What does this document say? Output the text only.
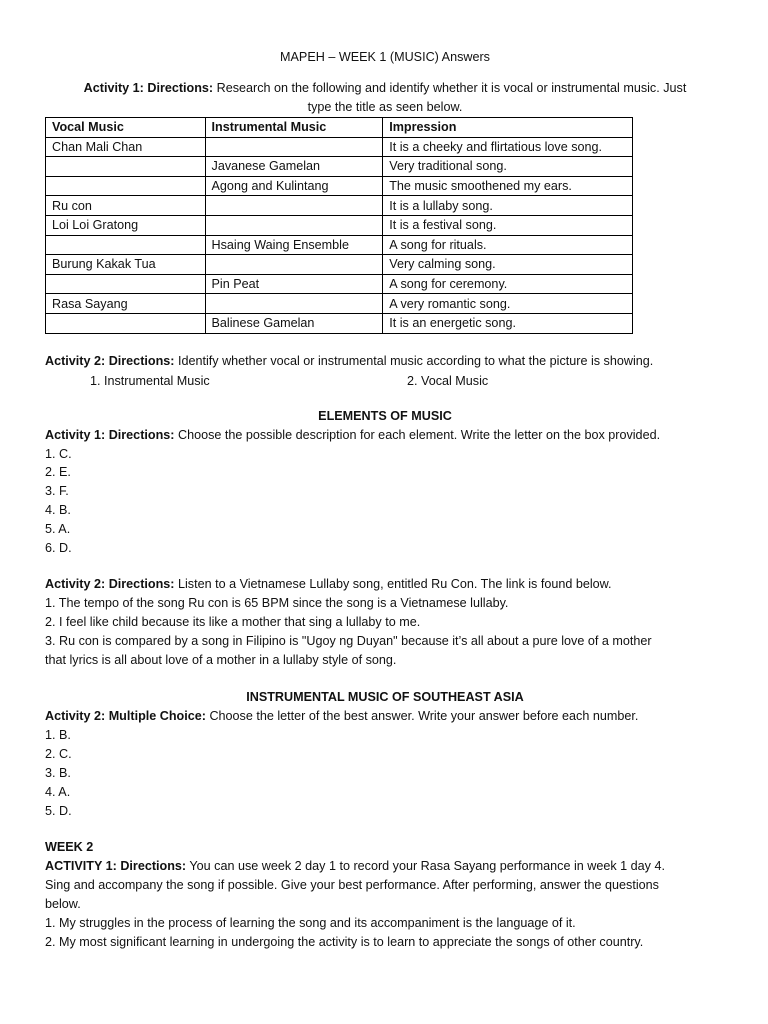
MAPEH – WEEK 1 (MUSIC) Answers

Activity 1: Directions: Research on the following and identify whether it is vocal or instrumental music. Just
type the title as seen below.

Vocal Music	Instrumental Music	Impression
Chan Mali Chan		It is a cheeky and flirtatious love song.
	Javanese Gamelan	Very traditional song.
	Agong and Kulintang	The music smoothened my ears.
Ru con		It is a lullaby song.
Loi Loi Gratong		It is a festival song.
	Hsaing Waing Ensemble	A song for rituals.
Burung Kakak Tua		Very calming song.
	Pin Peat	A song for ceremony.
Rasa Sayang		A very romantic song.
	Balinese Gamelan	It is an energetic song.

Activity 2: Directions: Identify whether vocal or instrumental music according to what the picture is showing.

1. Instrumental Music	2. Vocal Music

ELEMENTS OF MUSIC

Activity 1: Directions: Choose the possible description for each element. Write the letter on the box provided.

1. C.
2. E.
3. F.
4. B.
5. A.
6. D.

Activity 2: Directions: Listen to a Vietnamese Lullaby song, entitled Ru Con. The link is found below.

1. The tempo of the song Ru con is 65 BPM since the song is a Vietnamese lullaby.

2. I feel like child because its like a mother that sing a lullaby to me.

3. Ru con is compared by a song in Filipino is "Ugoy ng Duyan" because it’s all about a pure love of a mother
that lyrics is all about love of a mother in a lullaby style of song.

INSTRUMENTAL MUSIC OF SOUTHEAST ASIA

Activity 2: Multiple Choice: Choose the letter of the best answer. Write your answer before each number.

1. B.
2. C.
3. B.
4. A.
5. D.

WEEK 2

ACTIVITY 1: Directions: You can use week 2 day 1 to record your Rasa Sayang performance in week 1 day 4.
Sing and accompany the song if possible. Give your best performance. After performing, answer the questions
below.

1. My struggles in the process of learning the song and its accompaniment is the language of it.

2. My most significant learning in undergoing the activity is to learn to appreciate the songs of other country.
